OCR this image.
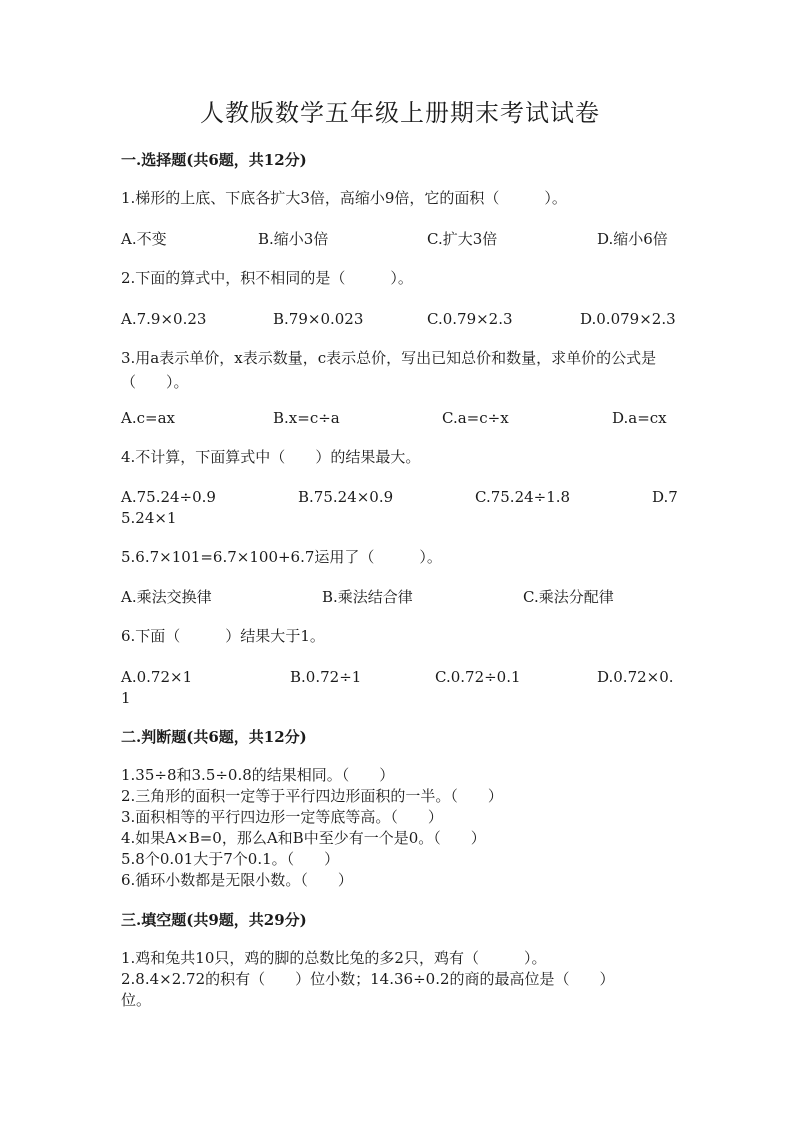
人教版数学五年级上册期末考试试卷
一.选择题(共6题，共12分)
1.梯形的上底、下底各扩大3倍，高缩小9倍，它的面积（　　　）。
A.不变	B.缩小3倍	C.扩大3倍	D.缩小6倍
2.下面的算式中，积不相同的是（　　　）。
A.7.9×0.23	B.79×0.023	C.0.79×2.3	D.0.079×2.3
3.用a表示单价，x表示数量，c表示总价，写出已知总价和数量，求单价的公式是（　　）。
A.c=ax	B.x=c÷a	C.a=c÷x	D.a=cx
4.不计算，下面算式中（　　）的结果最大。
A.75.24÷0.9	B.75.24×0.9	C.75.24÷1.8	D.7
5.24×1
5.6.7×101=6.7×100+6.7运用了（　　　）。
A.乘法交换律	B.乘法结合律	C.乘法分配律
6.下面（　　　）结果大于1。
A.0.72×1	B.0.72÷1	C.0.72÷0.1	D.0.72×0.
1
二.判断题(共6题，共12分)
1.35÷8和3.5÷0.8的结果相同。（　　）
2.三角形的面积一定等于平行四边形面积的一半。（　　）
3.面积相等的平行四边形一定等底等高。（　　）
4.如果A×B=0，那么A和B中至少有一个是0。（　　）
5.8个0.01大于7个0.1。（　　）
6.循环小数都是无限小数。（　　）
三.填空题(共9题，共29分)
1.鸡和兔共10只，鸡的脚的总数比兔的多2只，鸡有（　　　）。
2.8.4×2.72的积有（　　）位小数；14.36÷0.2的商的最高位是（　　）
位。
